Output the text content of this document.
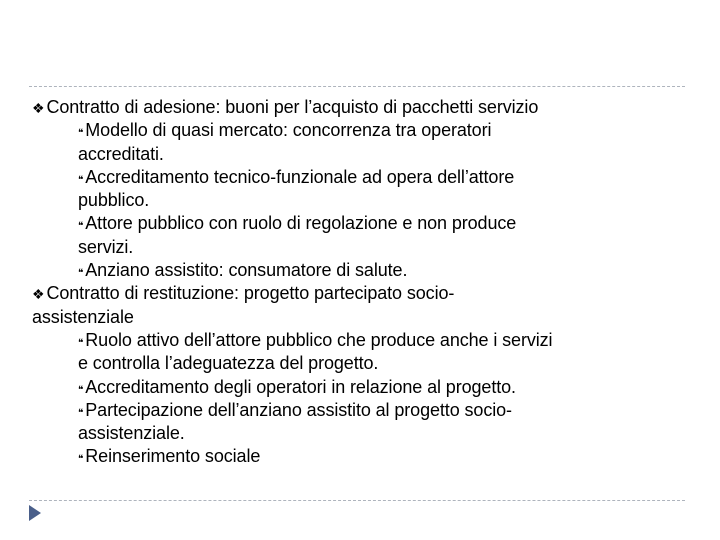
❖ Contratto di adesione: buoni per l’acquisto di pacchetti servizio
❝ Modello di quasi mercato: concorrenza tra operatori
accreditati.
❝ Accreditamento tecnico-funzionale ad opera dell’attore
pubblico.
❝ Attore pubblico con ruolo di regolazione e non produce
servizi.
❝ Anziano assistito: consumatore di salute.
❖ Contratto di restituzione: progetto partecipato socio-
assistenziale
❝ Ruolo attivo dell’attore pubblico che produce anche i servizi
e controlla l’adeguatezza del progetto.
❝ Accreditamento degli operatori in relazione al progetto.
❝ Partecipazione dell’anziano assistito al progetto socio-
assistenziale.
❝ Reinserimento sociale
